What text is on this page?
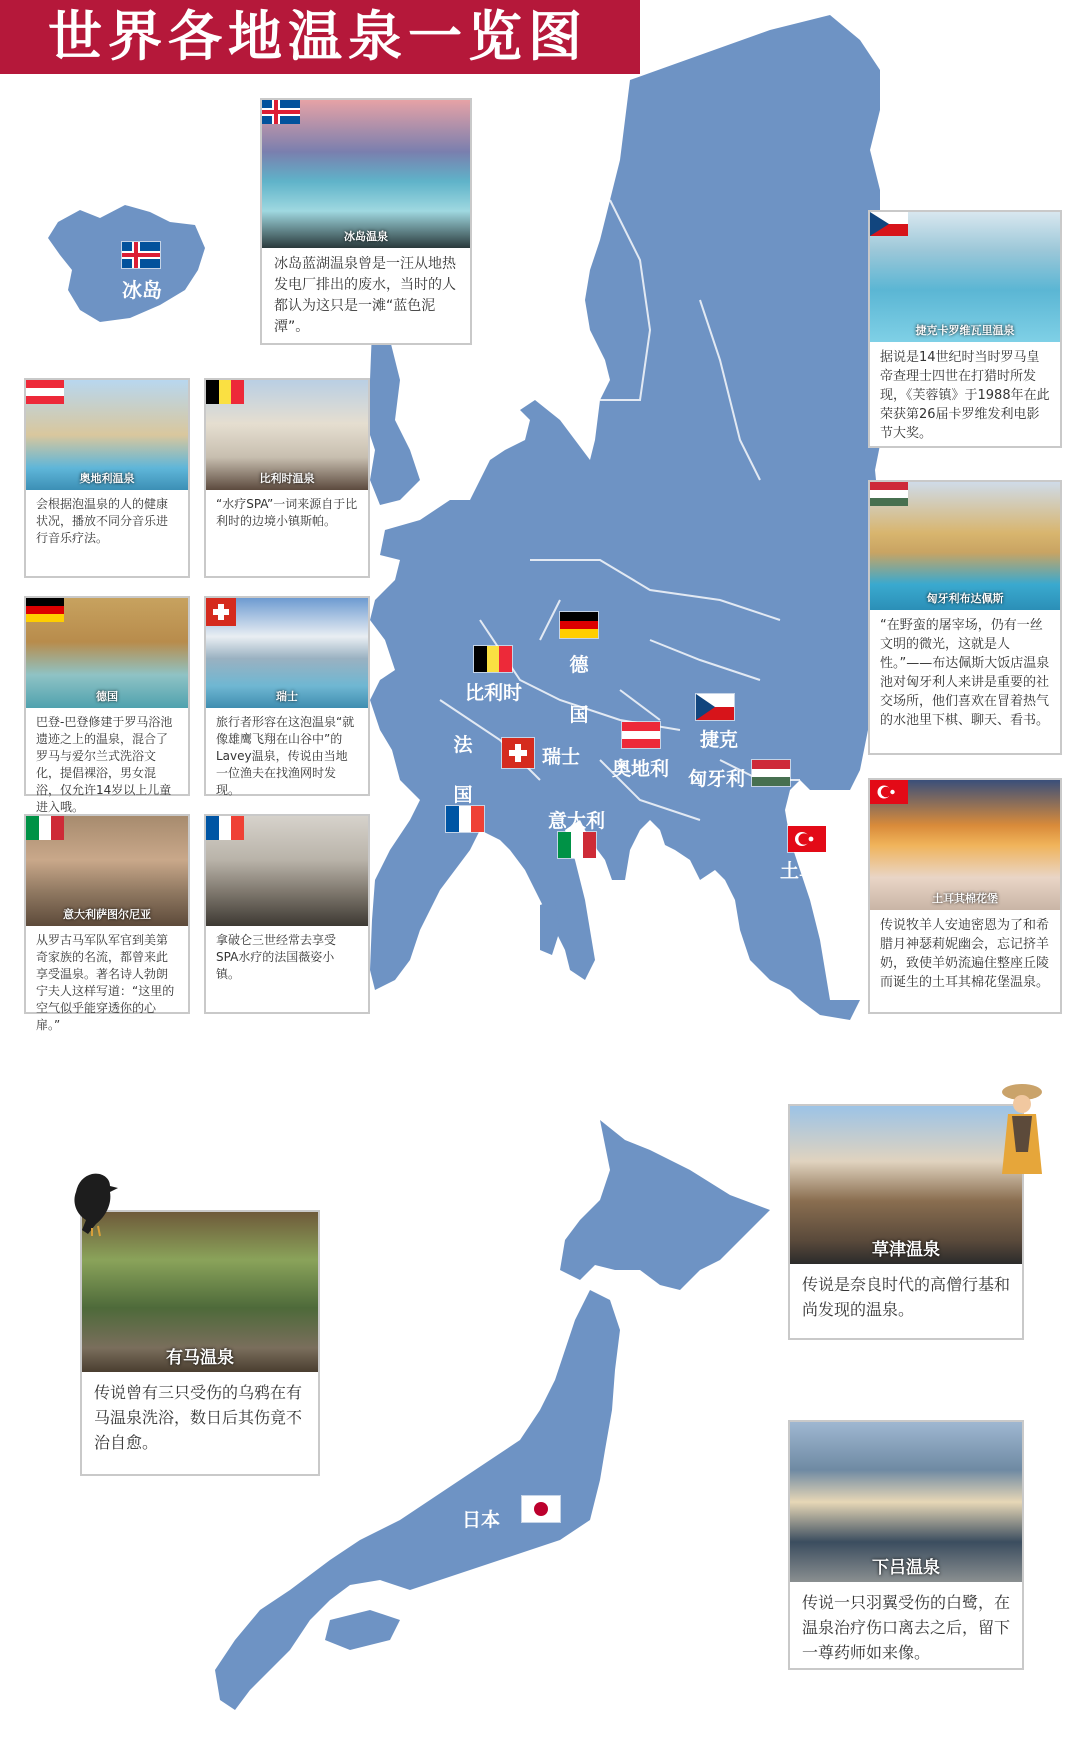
世界各地温泉一览图
冰岛
比利时
德国
法国
瑞士
奥地利
捷克
匈牙利
意大利
土耳其
日本
冰岛温泉
冰岛蓝湖温泉曾是一汪从地热发电厂排出的废水，当时的人都认为这只是一滩“蓝色泥潭”。	捷克卡罗维瓦里温泉
据说是14世纪时当时罗马皇帝查理士四世在打猎时所发现，《芙蓉镇》于1988年在此荣获第26届卡罗维发利电影节大奖。
奥地利温泉
会根据泡温泉的人的健康状况，播放不同分音乐进行音乐疗法。
比利时温泉
“水疗SPA”一词来源自于比利时的边境小镇斯帕。
匈牙利布达佩斯
“在野蛮的屠宰场，仍有一丝文明的微光，这就是人性。”——布达佩斯大饭店温泉池对匈牙利人来讲是重要的社交场所，他们喜欢在冒着热气的水池里下棋、聊天、看书。
德国
巴登-巴登修建于罗马浴池遗迹之上的温泉，混合了罗马与爱尔兰式洗浴文化，提倡裸浴，男女混浴，仅允许14岁以上儿童进入哦。
瑞士
旅行者形容在这泡温泉“就像雄鹰飞翔在山谷中”的Lavey温泉，传说由当地一位渔夫在找渔网时发现。
土耳其棉花堡
传说牧羊人安迪密恩为了和希腊月神瑟莉妮幽会，忘记挤羊奶，致使羊奶流遍住整座丘陵而诞生的土耳其棉花堡温泉。
意大利萨图尔尼亚
从罗古马军队军官到美第奇家族的名流，都曾来此享受温泉。著名诗人勃朗宁夫人这样写道：“这里的空气似乎能穿透你的心扉。”
拿破仑三世经常去享受SPA水疗的法国薇姿小镇。
草津温泉
传说是奈良时代的高僧行基和尚发现的温泉。
有马温泉
传说曾有三只受伤的乌鸦在有马温泉洗浴，数日后其伤竟不治自愈。
下吕温泉
传说一只羽翼受伤的白鹭，在温泉治疗伤口离去之后，留下一尊药师如来像。
